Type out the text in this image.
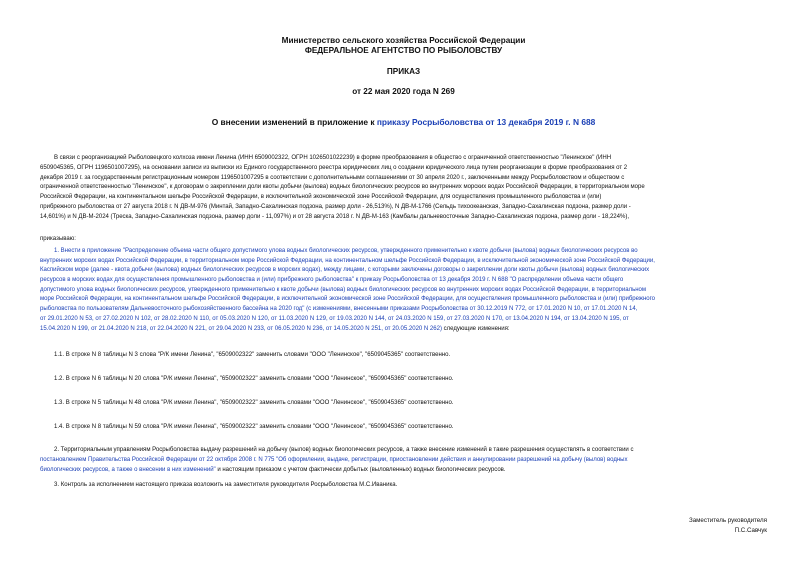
Министерство сельского хозяйства Российской Федерации
ФЕДЕРАЛЬНОЕ АГЕНТСТВО ПО РЫБОЛОВСТВУ
ПРИКАЗ
от 22 мая 2020 года N 269
О внесении изменений в приложение к приказу Росрыболовства от 13 декабря 2019 г. N 688
В связи с реорганизацией Рыболовецкого колхоза имени Ленина (ИНН 6509002322, ОГРН 1026501022239) в форме преобразования в общество с ограниченной ответственностью "Ленинское" (ИНН
6509045365, ОГРН 1196501007295), на основании записи из выписки из Единого государственного реестра юридических лиц о создании юридического лица путем реорганизации в форме преобразования от 2
декабря 2019 г. за государственным регистрационным номером 1196501007295 в соответствии с дополнительными соглашениями от 30 апреля 2020 г., заключенными между Росрыболовством и обществом с
ограниченной ответственностью "Ленинское", к договорам о закреплении доли квоты добычи (вылова) водных биологических ресурсов во внутренних морских водах Российской Федерации, в территориальном море
Российской Федерации, на континентальном шельфе Российской Федерации, в исключительной экономической зоне Российской Федерации, для осуществления промышленного рыболовства и (или)
прибрежного рыболовства от 27 августа 2018 г. N ДВ-М-976 (Минтай, Западно-Сахалинская подзона, размер доли - 26,513%), N ДВ-М-1766 (Сельдь тихоокеанская, Западно-Сахалинская подзона, размер доли -
14,601%) и N ДВ-М-2024 (Треска, Западно-Сахалинская подзона, размер доли - 11,097%) и от 28 августа 2018 г. N ДВ-М-163 (Камбалы дальневосточные Западно-Сахалинская подзона, размер доли - 18,224%),
приказываю:
1. Внести в приложение "Распределение объема части общего допустимого улова водных биологических ресурсов, утвержденного применительно к квоте добычи (вылова) водных биологических ресурсов во
внутренних морских водах Российской Федерации, в территориальном море Российской Федерации, на континентальном шельфе Российской Федерации, в исключительной экономической зоне Российской Федерации,
Каспийском море (далее - квота добычи (вылова) водных биологических ресурсов в морских водах), между лицами, с которыми заключены договоры о закреплении доли квоты добычи (вылова) водных биологических
ресурсов в морских водах для осуществления промышленного рыболовства и (или) прибрежного рыболовства" к приказу Росрыболовства от 13 декабря 2019 г. N 688 "О распределении объема части общего
допустимого улова водных биологических ресурсов, утвержденного применительно к квоте добычи (вылова) водных биологических ресурсов во внутренних морских водах Российской Федерации, в территориальном
море Российской Федерации, на континентальном шельфе Российской Федерации, в исключительной экономической зоне Российской Федерации, для осуществления промышленного рыболовства и (или) прибрежного
рыболовства по пользователям Дальневосточного рыбохозяйственного бассейна на 2020 год" (с изменениями, внесенными приказами Росрыболовства от 30.12.2019 N 772, от 17.01.2020 N 10, от 17.01.2020 N 14,
от 29.01.2020 N 53, от 27.02.2020 N 102, от 28.02.2020 N 110, от 05.03.2020 N 120, от 11.03.2020 N 129, от 19.03.2020 N 144, от 24.03.2020 N 159, от 27.03.2020 N 170, от 13.04.2020 N 194, от 13.04.2020 N 195, от
15.04.2020 N 199, от 21.04.2020 N 218, от 22.04.2020 N 221, от 29.04.2020 N 233, от 06.05.2020 N 236, от 14.05.2020 N 251, от 20.05.2020 N 262) следующие изменения:
1.1. В строке N 8 таблицы N 3 слова "Р/К имени Ленина", "6509002322" заменить словами "ООО "Ленинское", "6509045365" соответственно.
1.2. В строке N 6 таблицы N 20 слова "Р/К имени Ленина", "6509002322" заменить словами "ООО "Ленинское", "6509045365" соответственно.
1.3. В строке N 5 таблицы N 48 слова "Р/К имени Ленина", "6509002322" заменить словами "ООО "Ленинское", "6509045365" соответственно.
1.4. В строке N 8 таблицы N 59 слова "Р/К имени Ленина", "6509002322" заменить словами "ООО "Ленинское", "6509045365" соответственно.
2. Территориальным управлениям Росрыболовства выдачу разрешений на добычу (вылов) водных биологических ресурсов, а также внесение изменений в такие разрешения осуществлять в соответствии с
постановлением Правительства Российской Федерации от 22 октября 2008 г. N 775 "Об оформлении, выдаче, регистрации, приостановлении действия и аннулировании разрешений на добычу (вылов) водных
биологических ресурсов, а также о внесении в них изменений" и настоящим приказом с учетом фактически добытых (выловленных) водных биологических ресурсов.
3. Контроль за исполнением настоящего приказа возложить на заместителя руководителя Росрыболовства М.С.Иваника.
Заместитель руководителя
П.С.Савчук
